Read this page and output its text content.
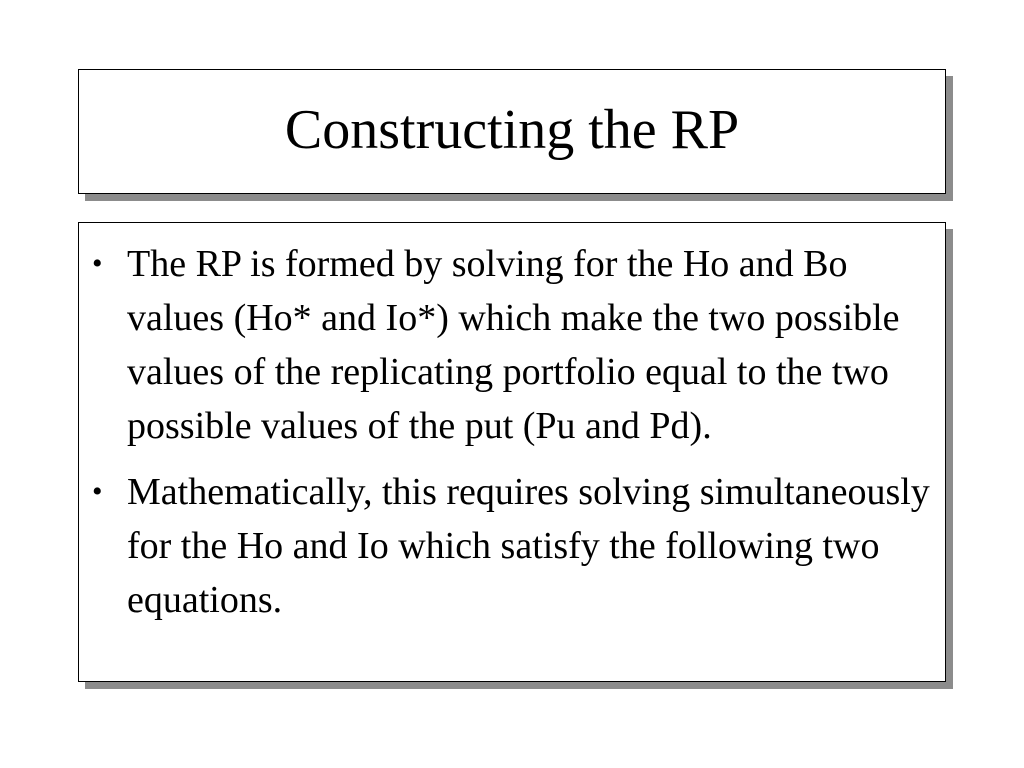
Constructing the RP
• The RP is formed by solving for the Ho and Bo values (Ho* and Io*) which make the two possible values of the replicating portfolio equal to the two possible values of the put (Pu and Pd).
• Mathematically, this requires solving simultaneously for the Ho and Io which satisfy the following two equations.
